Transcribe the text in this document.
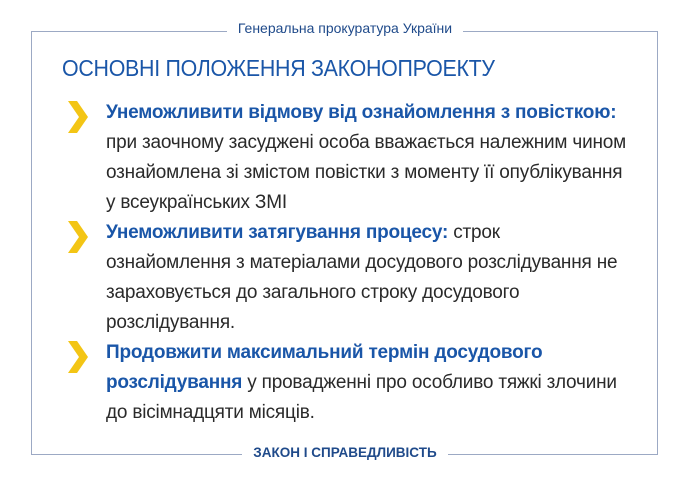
Генеральна прокуратура України
ОСНОВНІ ПОЛОЖЕННЯ ЗАКОНОПРОЕКТУ
Унеможливити відмову від ознайомлення з повісткою: при заочному засуджені особа вважається належним чином ознайомлена зі змістом повістки з моменту її опублікування у всеукраїнських ЗМІ
Унеможливити затягування процесу: строк ознайомлення з матеріалами досудового розслідування не зараховується до загального строку досудового розслідування.
Продовжити максимальний термін досудового розслідування у провадженні про особливо тяжкі злочини до вісімнадцяти місяців.
ЗАКОН І СПРАВЕДЛИВІСТЬ
